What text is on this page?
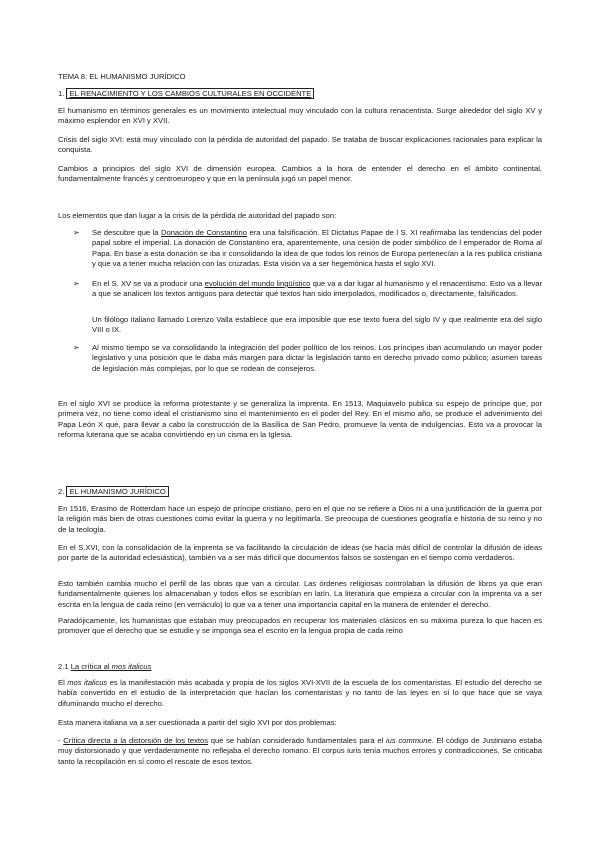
TEMA 8: EL HUMANISMO JURÍDICO

1. EL RENACIMIENTO Y LOS CAMBIOS CULTURALES EN OCCIDENTE

El humanismo en términos generales es un movimiento intelectual muy vinculado con la cultura renacentista. Surge alrededor del siglo XV y máximo esplendor en XVI y XVII.

Crisis del siglo XVI: está muy vinculado con la pérdida de autoridad del papado. Se trataba de buscar explicaciones racionales para explicar la conquista.

Cambios a principios del siglo XVI de dimensión europea. Cambios a la hora de entender el derecho en el ámbito continental, fundamentalmente francés y centroeuropeo y que en la península jugó un papel menor.

Los elementos que dan lugar a la crisis de la pérdida de autoridad del papado son:

➢ Se descubre que la Donación de Constantino era una falsificación. El Dictatus Papae de l S. XI reafirmaba las tendencias del poder papal sobre el imperial. La donación de Constantino era, aparentemente, una cesión de poder simbólico de l emperador de Roma al Papa. En base a esta donación se iba ir consolidando la idea de que todos los reinos de Europa pertenecían a la res publica cristiana y que va a tener mucha relación con las cruzadas. Esta visión va a ser hegemónica hasta el siglo XVI.

➢ En el S. XV se va a producir una evolución del mundo lingüístico que va a dar lugar al humanismo y el renacentismo. Esto va a llevar a que se analicen los textos antiguos para detectar qué textos han sido interpolados, modificados o, directamente, falsificados.

Un filólogo italiano llamado Lorenzo Valla establece que era imposible que ese texto fuera del siglo IV y que realmente era del siglo VIII o IX.

➢ Al mismo tiempo se va consolidando la integración del poder político de los reinos. Los príncipes iban acumulando un mayor poder legislativo y una posición que le daba más margen para dictar la legislación tanto en derecho privado como público; asumen tareas de legislación más complejas, por lo que se rodean de consejeros.

En el siglo XVI se produce la reforma protestante y se generaliza la imprenta. En 1513, Maquiavelo publica su espejo de príncipe que, por primera vez, no tiene como ideal el cristianismo sino el mantenimiento en el poder del Rey. En el mismo año, se produce el advenimiento del Papa León X que, para llevar a cabo la construcción de la Basílica de San Pedro, promueve la venta de indulgencias. Esto va a provocar la reforma luterana que se acaba convirtiendo en un cisma en la Iglesia.

2. EL HUMANISMO JURÍDICO

En 1516, Erasmo de Rotterdam hace un espejo de príncipe cristiano, pero en el que no se refiere a Dios ni a una justificación de la guerra por la religión más bien de otras cuestiones como evitar la guerra y no legitimarla. Se preocupa de cuestiones geografía e historia de su reino y no de la teología.

En el S.XVI, con la consolidación de la imprenta se va facilitando la circulación de ideas (se hacía más difícil de controlar la difusión de ideas por parte de la autoridad eclesiástica), también va a ser más difícil que documentos falsos se sostengan en el tiempo como verdaderos.

Esto también cambia mucho el perfil de las obras que van a circular. Las órdenes religiosas controlaban la difusión de libros ya que eran fundamentalmente quienes los almacenaban y todos ellos se escribían en latín. La literatura que empieza a circular con la imprenta va a ser escrita en la lengua de cada reino (en vernáculo) lo que va a tener una importancia capital en la manera de entender el derecho.

Paradójicamente, los humanistas que estaban muy preocupados en recuperar los materiales clásicos en su máxima pureza lo que hacen es promover que el derecho que se estudie y se imponga sea el escrito en la lengua propia de cada reino

2.1 La crítica al mos italicus

El mos italicus es la manifestación más acabada y propia de los siglos XVI-XVII de la escuela de los comentaristas. El estudio del derecho se había convertido en el estudio de la interpretación que hacían los comentaristas y no tanto de las leyes en sí lo que hace que se vaya difuminando mucho el derecho.

Esta manera italiana va a ser cuestionada a partir del siglo XVI por dos problemas:

- Crítica directa a la distorsión de los textos que se habían considerado fundamentales para el ius commune. El código de Justiniano estaba muy distorsionado y que verdaderamente no reflejaba el derecho romano. El corpus iuris tenía muchos errores y contradicciones. Se criticaba tanto la recopilación en sí como el rescate de esos textos.
